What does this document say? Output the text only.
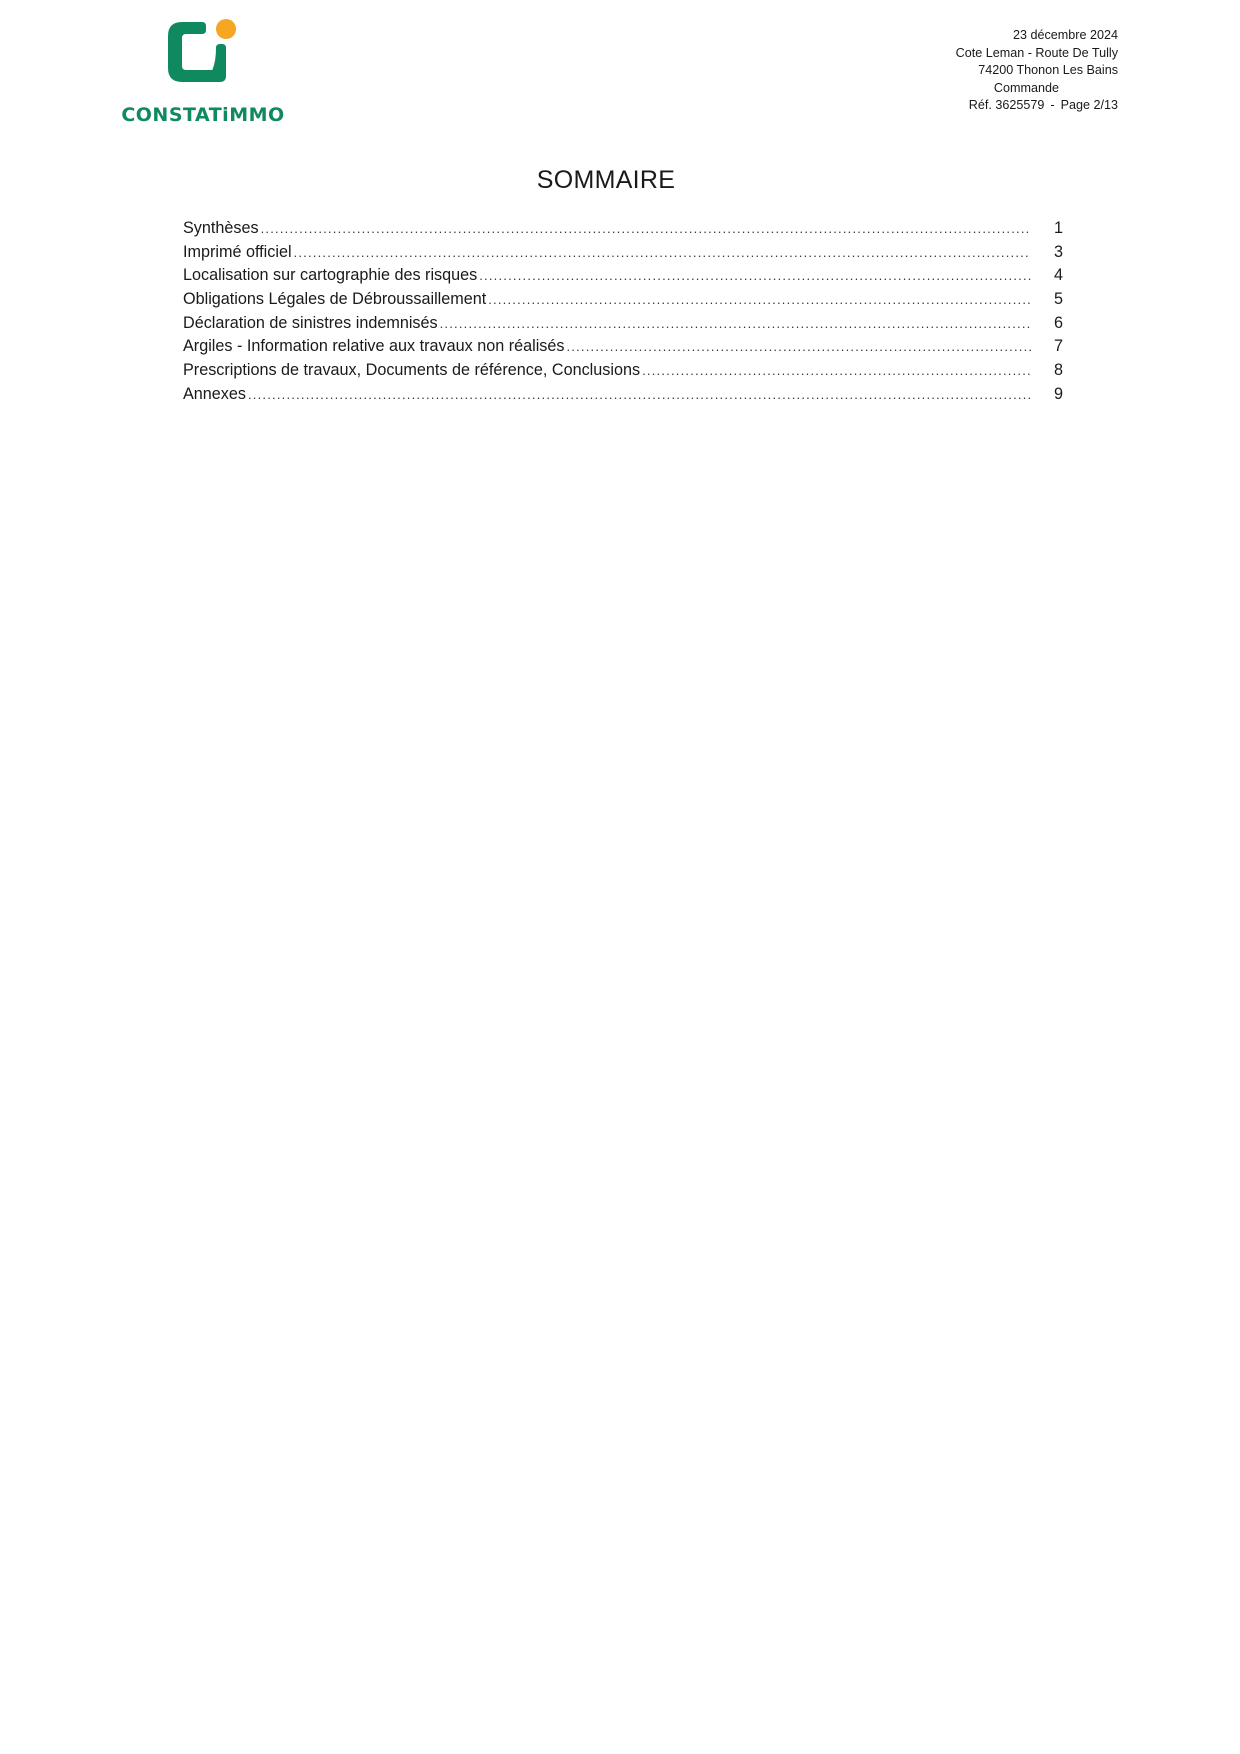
CONSTATiMMO
23 décembre 2024
Cote Leman - Route De Tully
74200 Thonon Les Bains
Commande
Réf. 3625579 - Page 2/13
SOMMAIRE
Synthèses .....	1
Imprimé officiel .....	3
Localisation sur cartographie des risques .....	4
Obligations Légales de Débroussaillement .....	5
Déclaration de sinistres indemnisés .....	6
Argiles - Information relative aux travaux non réalisés .....	7
Prescriptions de travaux, Documents de référence, Conclusions .....	8
Annexes .....	9
